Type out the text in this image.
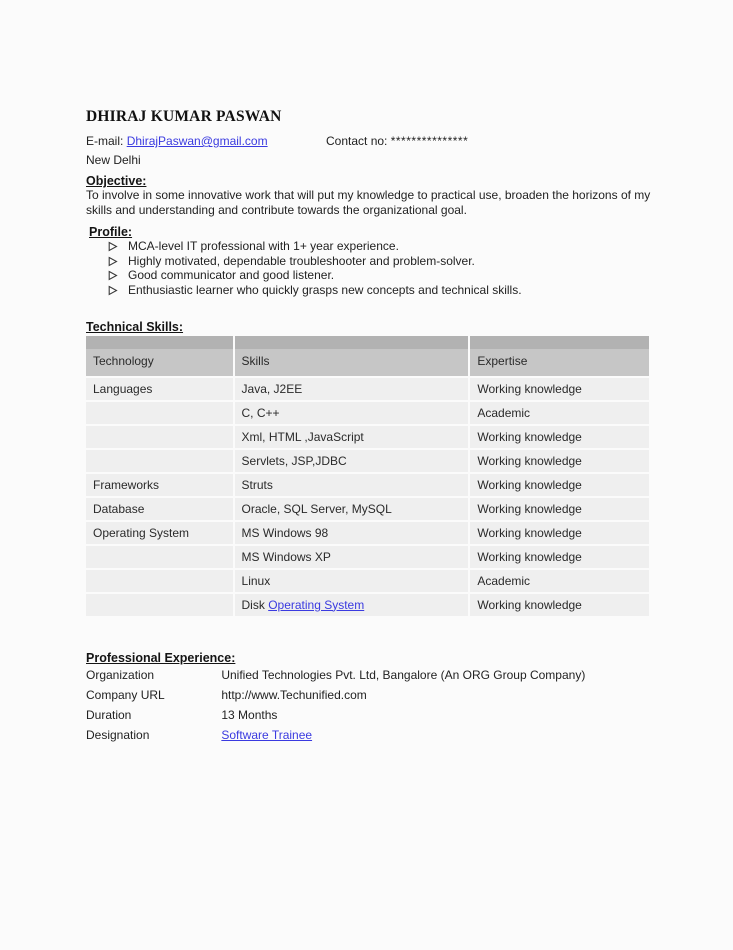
DHIRAJ KUMAR PASWAN
E-mail: DhirajPaswan@gmail.com	Contact no: ***************
New Delhi
Objective:

To involve in some innovative work that will put my knowledge to practical use, broaden the horizons of my skills and understanding and contribute towards the organizational goal.

Profile:
MCA-level IT professional with 1+ year experience.
Highly motivated, dependable troubleshooter and problem-solver.
Good communicator and good listener.
Enthusiastic learner who quickly grasps new concepts and technical skills.
Technical Skills:
Technology	Skills	Expertise
Languages	Java, J2EE	Working knowledge
	C, C++	Academic
	Xml, HTML ,JavaScript	Working knowledge
	Servlets, JSP,JDBC	Working knowledge
Frameworks	Struts	Working knowledge
Database	Oracle, SQL Server, MySQL	Working knowledge
Operating System	MS Windows 98	Working knowledge
	MS Windows XP	Working knowledge
	Linux	Academic
	Disk Operating System	Working knowledge
Professional Experience:
Organization	Unified Technologies Pvt. Ltd, Bangalore (An ORG Group Company)
Company URL	http://www.Techunified.com
Duration	13 Months
Designation	Software Trainee
